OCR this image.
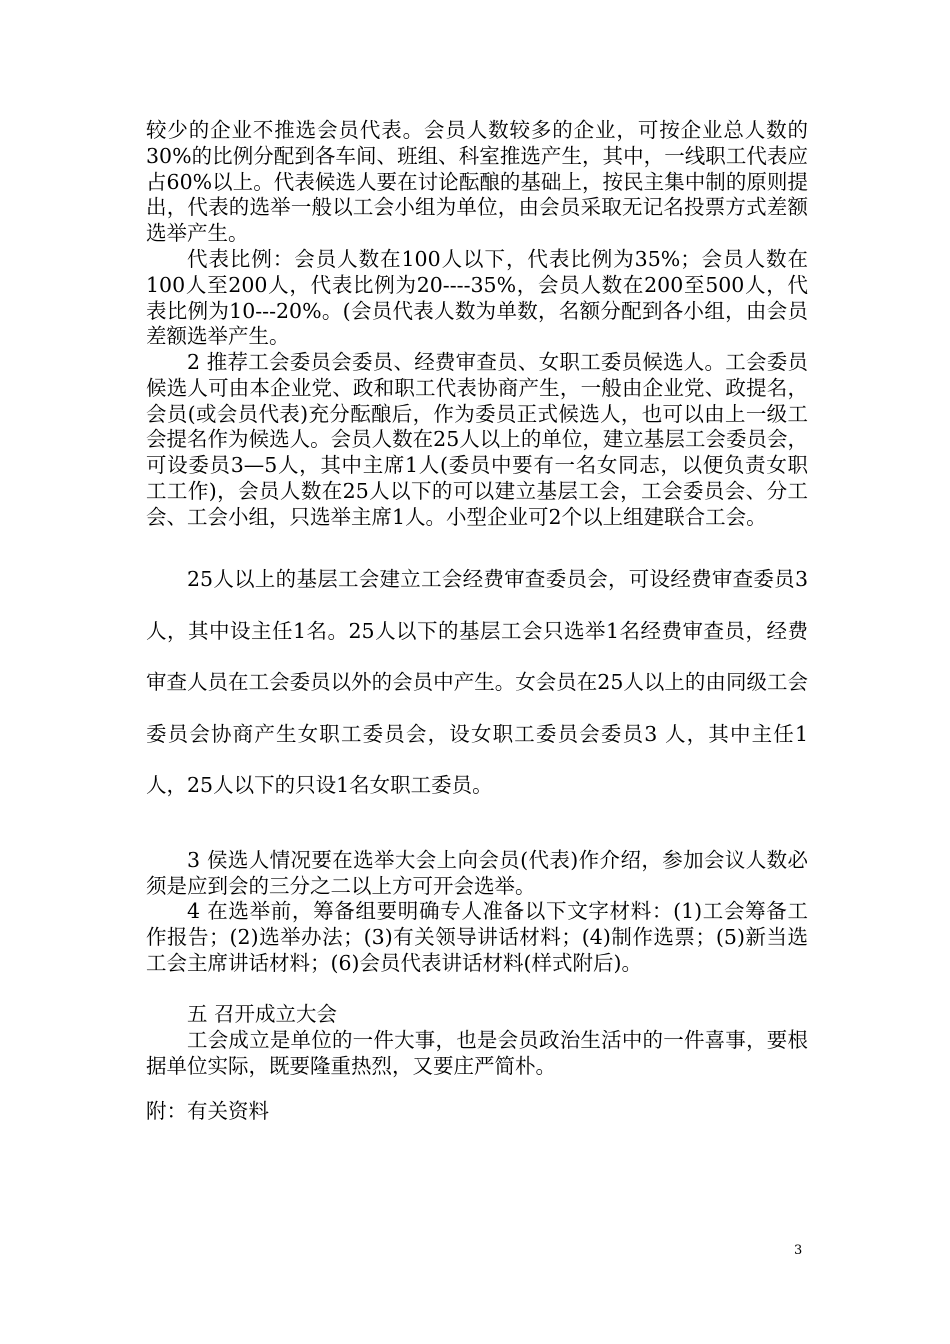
较少的企业不推选会员代表。会员人数较多的企业，可按企业总人数的30%的比例分配到各车间、班组、科室推选产生，其中，一线职工代表应占60%以上。代表候选人要在讨论酝酿的基础上，按民主集中制的原则提出，代表的选举一般以工会小组为单位，由会员采取无记名投票方式差额选举产生。

代表比例：会员人数在100人以下，代表比例为35%；会员人数在100人至200人，代表比例为20----35%，会员人数在200至500人，代表比例为10---20%。(会员代表人数为单数，名额分配到各小组，由会员差额选举产生。

2 推荐工会委员会委员、经费审查员、女职工委员候选人。工会委员候选人可由本企业党、政和职工代表协商产生，一般由企业党、政提名，会员(或会员代表)充分酝酿后，作为委员正式候选人，也可以由上一级工会提名作为候选人。会员人数在25人以上的单位，建立基层工会委员会，可设委员3—5人，其中主席1人(委员中要有一名女同志，以便负责女职工工作)，会员人数在25人以下的可以建立基层工会，工会委员会、分工会、工会小组，只选举主席1人。小型企业可2个以上组建联合工会。

25人以上的基层工会建立工会经费审查委员会，可设经费审查委员3人，其中设主任1名。25人以下的基层工会只选举1名经费审查员，经费审查人员在工会委员以外的会员中产生。女会员在25人以上的由同级工会委员会协商产生女职工委员会，设女职工委员会委员3 人，其中主任1人，25人以下的只设1名女职工委员。

3 侯选人情况要在选举大会上向会员(代表)作介绍，参加会议人数必须是应到会的三分之二以上方可开会选举。

4 在选举前，筹备组要明确专人准备以下文字材料：(1)工会筹备工作报告；(2)选举办法；(3)有关领导讲话材料；(4)制作选票；(5)新当选工会主席讲话材料；(6)会员代表讲话材料(样式附后)。

五 召开成立大会

工会成立是单位的一件大事，也是会员政治生活中的一件喜事，要根据单位实际，既要隆重热烈，又要庄严简朴。

附：有关资料

3
